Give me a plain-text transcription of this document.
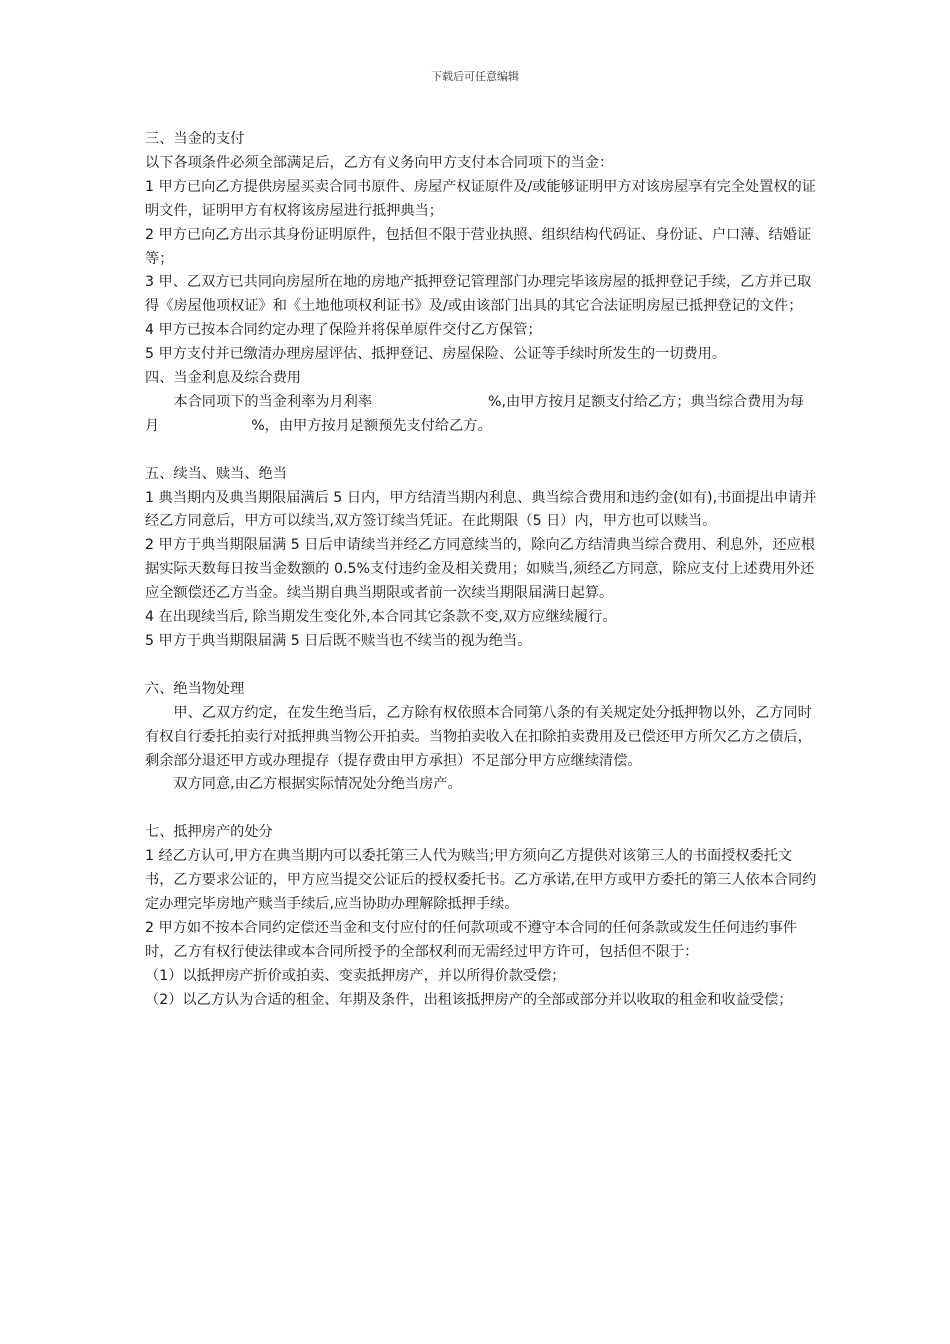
下载后可任意编辑

三、当金的支付

以下各项条件必须全部满足后，乙方有义务向甲方支付本合同项下的当金：

1 甲方已向乙方提供房屋买卖合同书原件、房屋产权证原件及/或能够证明甲方对该房屋享有完全处置权的证明文件，证明甲方有权将该房屋进行抵押典当；

2 甲方已向乙方出示其身份证明原件，包括但不限于营业执照、组织结构代码证、身份证、户口薄、结婚证等；

3 甲、乙双方已共同向房屋所在地的房地产抵押登记管理部门办理完毕该房屋的抵押登记手续，乙方并已取得《房屋他项权证》和《土地他项权利证书》及/或由该部门出具的其它合法证明房屋已抵押登记的文件；

4 甲方已按本合同约定办理了保险并将保单原件交付乙方保管；

5 甲方支付并已缴清办理房屋评估、抵押登记、房屋保险、公证等手续时所发生的一切费用。

四、当金利息及综合费用

本合同项下的当金利率为月利率	%,由甲方按月足额支付给乙方；典当综合费用为每月	%，由甲方按月足额预先支付给乙方。

五、续当、赎当、绝当

1 典当期内及典当期限届满后 5 日内，甲方结清当期内利息、典当综合费用和违约金(如有),书面提出申请并经乙方同意后，甲方可以续当,双方签订续当凭证。在此期限（5 日）内，甲方也可以赎当。

2 甲方于典当期限届满 5 日后申请续当并经乙方同意续当的，除向乙方结清典当综合费用、利息外，还应根据实际天数每日按当金数额的 0.5%支付违约金及相关费用；如赎当,须经乙方同意，除应支付上述费用外还应全额偿还乙方当金。续当期自典当期限或者前一次续当期限届满日起算。

4 在出现续当后, 除当期发生变化外,本合同其它条款不变,双方应继续履行。

5 甲方于典当期限届满 5 日后既不赎当也不续当的视为绝当。

六、绝当物处理

甲、乙双方约定，在发生绝当后，乙方除有权依照本合同第八条的有关规定处分抵押物以外，乙方同时有权自行委托拍卖行对抵押典当物公开拍卖。当物拍卖收入在扣除拍卖费用及已偿还甲方所欠乙方之债后，剩余部分退还甲方或办理提存（提存费由甲方承担）不足部分甲方应继续清偿。

双方同意,由乙方根据实际情况处分绝当房产。

七、抵押房产的处分

1 经乙方认可,甲方在典当期内可以委托第三人代为赎当;甲方须向乙方提供对该第三人的书面授权委托文书，乙方要求公证的，甲方应当提交公证后的授权委托书。乙方承诺,在甲方或甲方委托的第三人依本合同约定办理完毕房地产赎当手续后,应当协助办理解除抵押手续。

2 甲方如不按本合同约定偿还当金和支付应付的任何款项或不遵守本合同的任何条款或发生任何违约事件时，乙方有权行使法律或本合同所授予的全部权利而无需经过甲方许可，包括但不限于：

（1）以抵押房产折价或拍卖、变卖抵押房产，并以所得价款受偿；

（2）以乙方认为合适的租金、年期及条件，出租该抵押房产的全部或部分并以收取的租金和收益受偿；
